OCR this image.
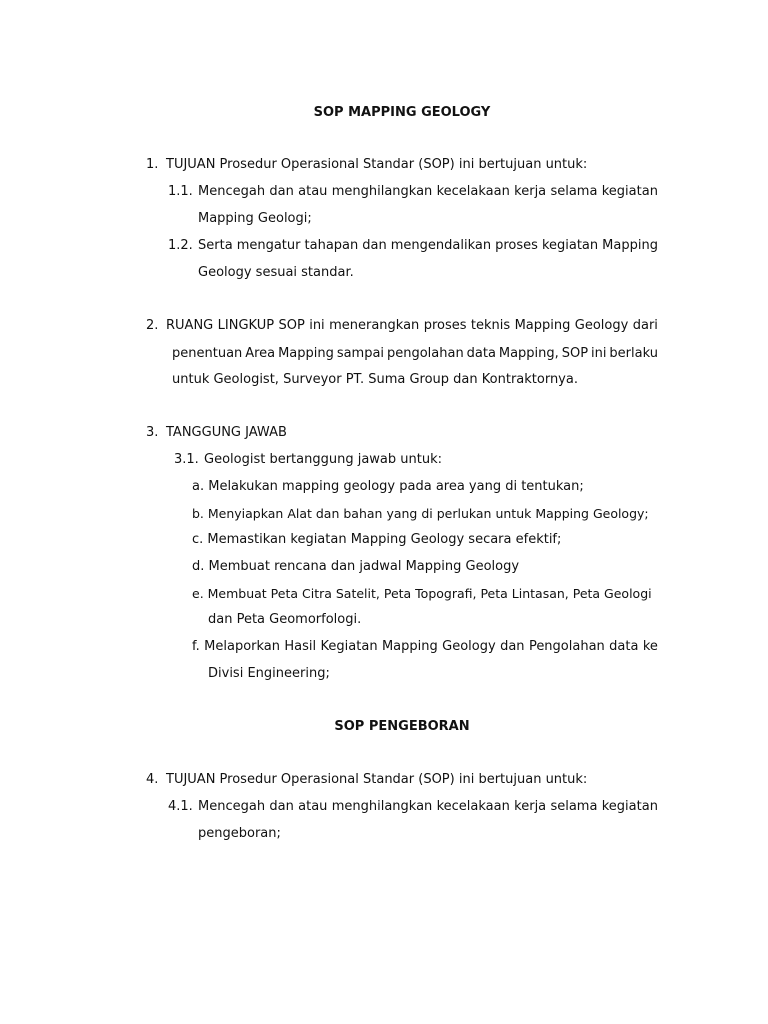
SOP MAPPING GEOLOGY
1. TUJUAN Prosedur Operasional Standar (SOP) ini bertujuan untuk:
1.1. Mencegah dan atau menghilangkan kecelakaan kerja selama kegiatan
Mapping Geologi;
1.2. Serta mengatur tahapan dan mengendalikan proses kegiatan Mapping
Geology sesuai standar.
2. RUANG LINGKUP SOP ini menerangkan proses teknis Mapping Geology dari
penentuan Area Mapping sampai pengolahan data Mapping, SOP ini berlaku
untuk Geologist, Surveyor PT. Suma Group dan Kontraktornya.
3. TANGGUNG JAWAB
3.1. Geologist bertanggung jawab untuk:
a. Melakukan mapping geology pada area yang di tentukan;
b. Menyiapkan Alat dan bahan yang di perlukan untuk Mapping Geology;
c. Memastikan kegiatan Mapping Geology secara efektif;
d. Membuat rencana dan jadwal Mapping Geology
e. Membuat Peta Citra Satelit, Peta Topografi, Peta Lintasan, Peta Geologi
dan Peta Geomorfologi.
f. Melaporkan Hasil Kegiatan Mapping Geology dan Pengolahan data ke
Divisi Engineering;
SOP PENGEBORAN
4. TUJUAN Prosedur Operasional Standar (SOP) ini bertujuan untuk:
4.1. Mencegah dan atau menghilangkan kecelakaan kerja selama kegiatan
pengeboran;
